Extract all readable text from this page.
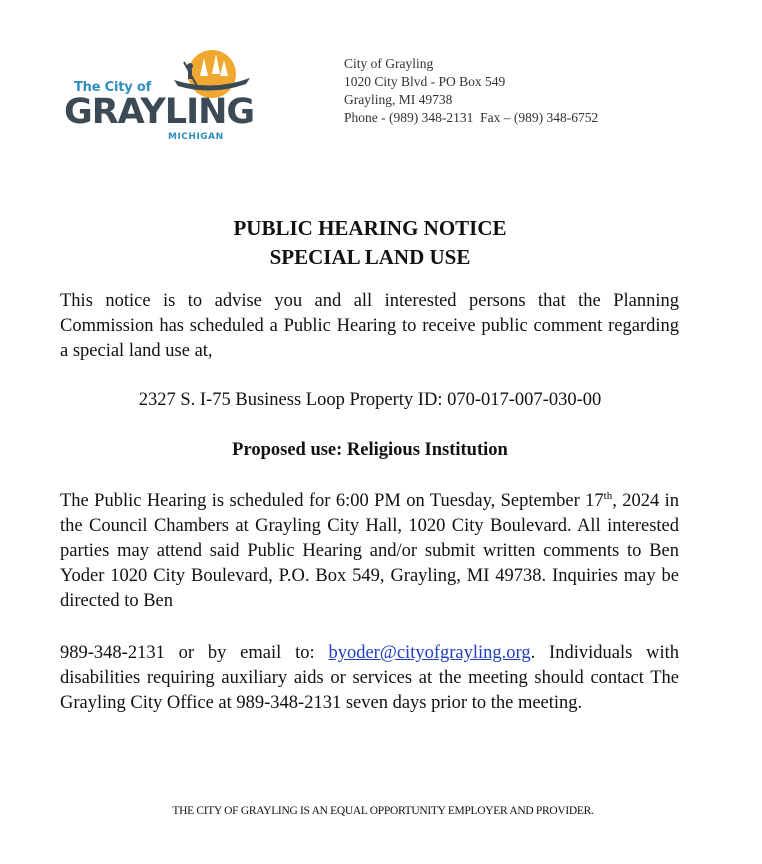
The City of
GRAYLING
MICHIGAN
City of Grayling
1020 City Blvd - PO Box 549
Grayling, MI 49738
Phone - (989) 348-2131  Fax – (989) 348-6752
PUBLIC HEARING NOTICE
SPECIAL LAND USE
This notice is to advise you and all interested persons that the Planning Commission has scheduled a Public Hearing to receive public comment regarding a special land use at,
2327 S. I-75 Business Loop Property ID: 070-017-007-030-00
Proposed use: Religious Institution
The Public Hearing is scheduled for 6:00 PM on Tuesday, September 17th, 2024 in the Council Chambers at Grayling City Hall, 1020 City Boulevard. All interested parties may attend said Public Hearing and/or submit written comments to Ben Yoder 1020 City Boulevard, P.O. Box 549, Grayling, MI 49738. Inquiries may be directed to Ben
989-348-2131 or by email to: byoder@cityofgrayling.org. Individuals with disabilities requiring auxiliary aids or services at the meeting should contact The Grayling City Office at 989-348-2131 seven days prior to the meeting.
THE CITY OF GRAYLING IS AN EQUAL OPPORTUNITY EMPLOYER AND PROVIDER.
